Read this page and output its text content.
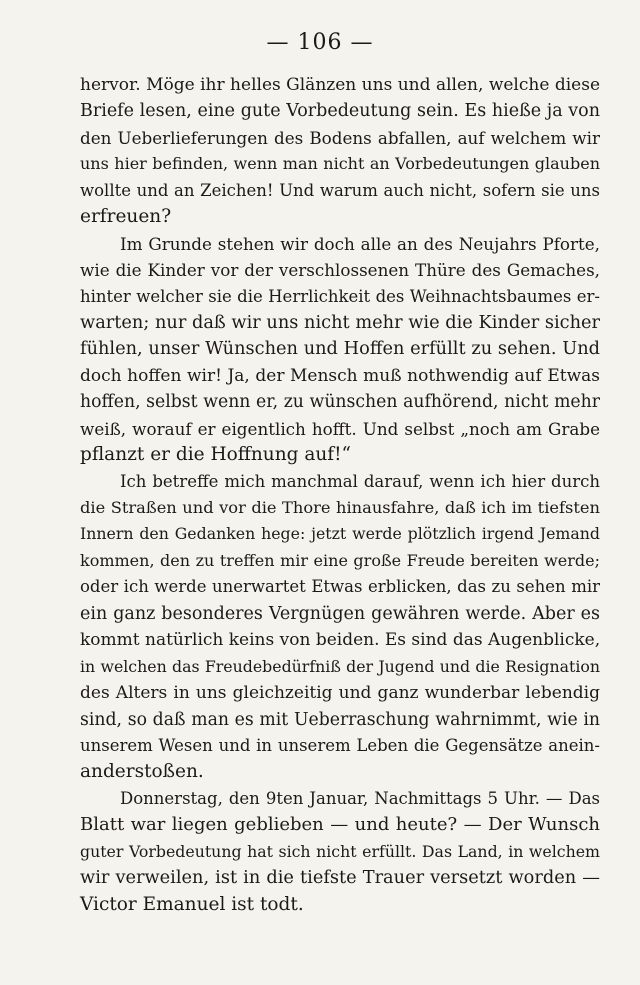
— 106 —
hervor. Möge ihr helles Glänzen uns und allen, welche diese
Briefe lesen, eine gute Vorbedeutung sein. Es hieße ja von
den Ueberlieferungen des Bodens abfallen, auf welchem wir
uns hier befinden, wenn man nicht an Vorbedeutungen glauben
wollte und an Zeichen! Und warum auch nicht, sofern sie uns
erfreuen?
Im Grunde stehen wir doch alle an des Neujahrs Pforte,
wie die Kinder vor der verschlossenen Thüre des Gemaches,
hinter welcher sie die Herrlichkeit des Weihnachtsbaumes er-
warten; nur daß wir uns nicht mehr wie die Kinder sicher
fühlen, unser Wünschen und Hoffen erfüllt zu sehen. Und
doch hoffen wir! Ja, der Mensch muß nothwendig auf Etwas
hoffen, selbst wenn er, zu wünschen aufhörend, nicht mehr
weiß, worauf er eigentlich hofft. Und selbst „noch am Grabe
pflanzt er die Hoffnung auf!“
Ich betreffe mich manchmal darauf, wenn ich hier durch
die Straßen und vor die Thore hinausfahre, daß ich im tiefsten
Innern den Gedanken hege: jetzt werde plötzlich irgend Jemand
kommen, den zu treffen mir eine große Freude bereiten werde;
oder ich werde unerwartet Etwas erblicken, das zu sehen mir
ein ganz besonderes Vergnügen gewähren werde. Aber es
kommt natürlich keins von beiden. Es sind das Augenblicke,
in welchen das Freudebedürfniß der Jugend und die Resignation
des Alters in uns gleichzeitig und ganz wunderbar lebendig
sind, so daß man es mit Ueberraschung wahrnimmt, wie in
unserem Wesen und in unserem Leben die Gegensätze anein-
anderstoßen.
Donnerstag, den 9ten Januar, Nachmittags 5 Uhr. — Das
Blatt war liegen geblieben — und heute? — Der Wunsch
guter Vorbedeutung hat sich nicht erfüllt. Das Land, in welchem
wir verweilen, ist in die tiefste Trauer versetzt worden —
Victor Emanuel ist todt.
